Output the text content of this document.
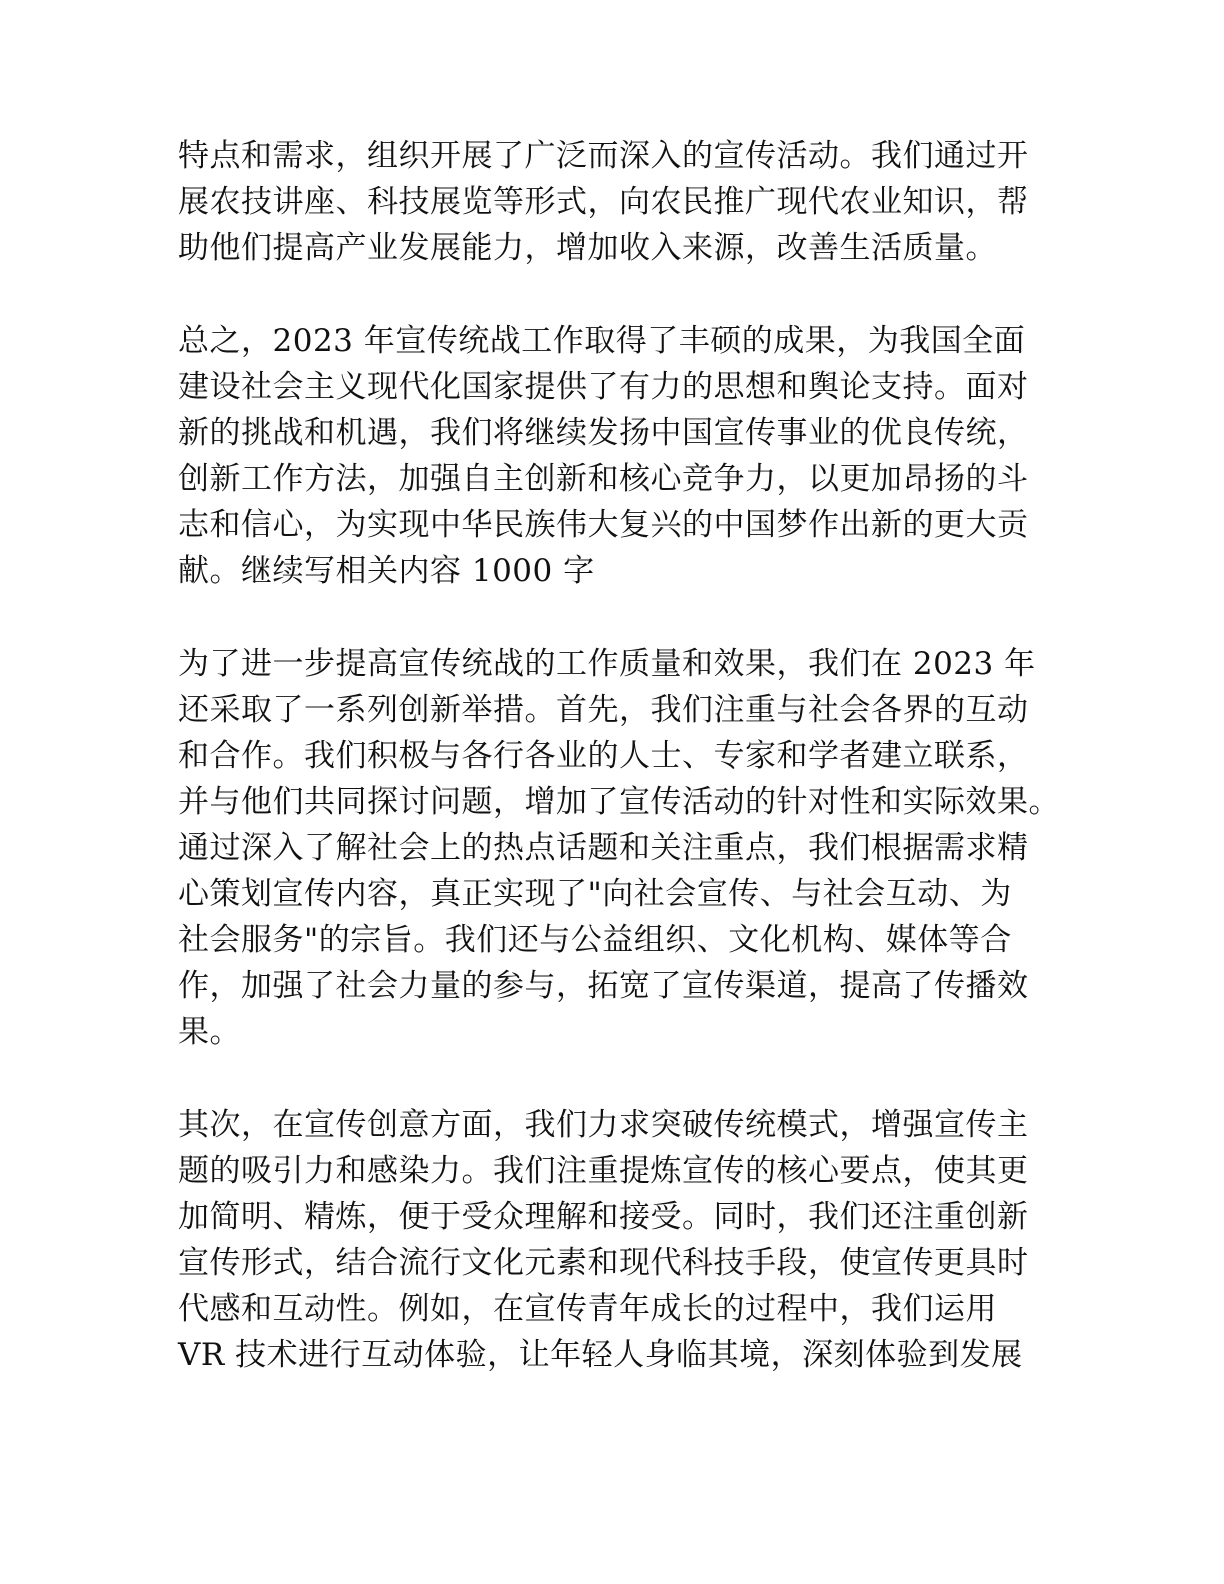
特点和需求，组织开展了广泛而深入的宣传活动。我们通过开
展农技讲座、科技展览等形式，向农民推广现代农业知识，帮
助他们提高产业发展能力，增加收入来源，改善生活质量。
总之，2023 年宣传统战工作取得了丰硕的成果，为我国全面
建设社会主义现代化国家提供了有力的思想和舆论支持。面对
新的挑战和机遇，我们将继续发扬中国宣传事业的优良传统，
创新工作方法，加强自主创新和核心竞争力，以更加昂扬的斗
志和信心，为实现中华民族伟大复兴的中国梦作出新的更大贡
献。继续写相关内容 1000 字
为了进一步提高宣传统战的工作质量和效果，我们在 2023 年
还采取了一系列创新举措。首先，我们注重与社会各界的互动
和合作。我们积极与各行各业的人士、专家和学者建立联系，
并与他们共同探讨问题，增加了宣传活动的针对性和实际效果。
通过深入了解社会上的热点话题和关注重点，我们根据需求精
心策划宣传内容，真正实现了"向社会宣传、与社会互动、为
社会服务"的宗旨。我们还与公益组织、文化机构、媒体等合
作，加强了社会力量的参与，拓宽了宣传渠道，提高了传播效
果。
其次，在宣传创意方面，我们力求突破传统模式，增强宣传主
题的吸引力和感染力。我们注重提炼宣传的核心要点，使其更
加简明、精炼，便于受众理解和接受。同时，我们还注重创新
宣传形式，结合流行文化元素和现代科技手段，使宣传更具时
代感和互动性。例如，在宣传青年成长的过程中，我们运用
VR 技术进行互动体验，让年轻人身临其境，深刻体验到发展
